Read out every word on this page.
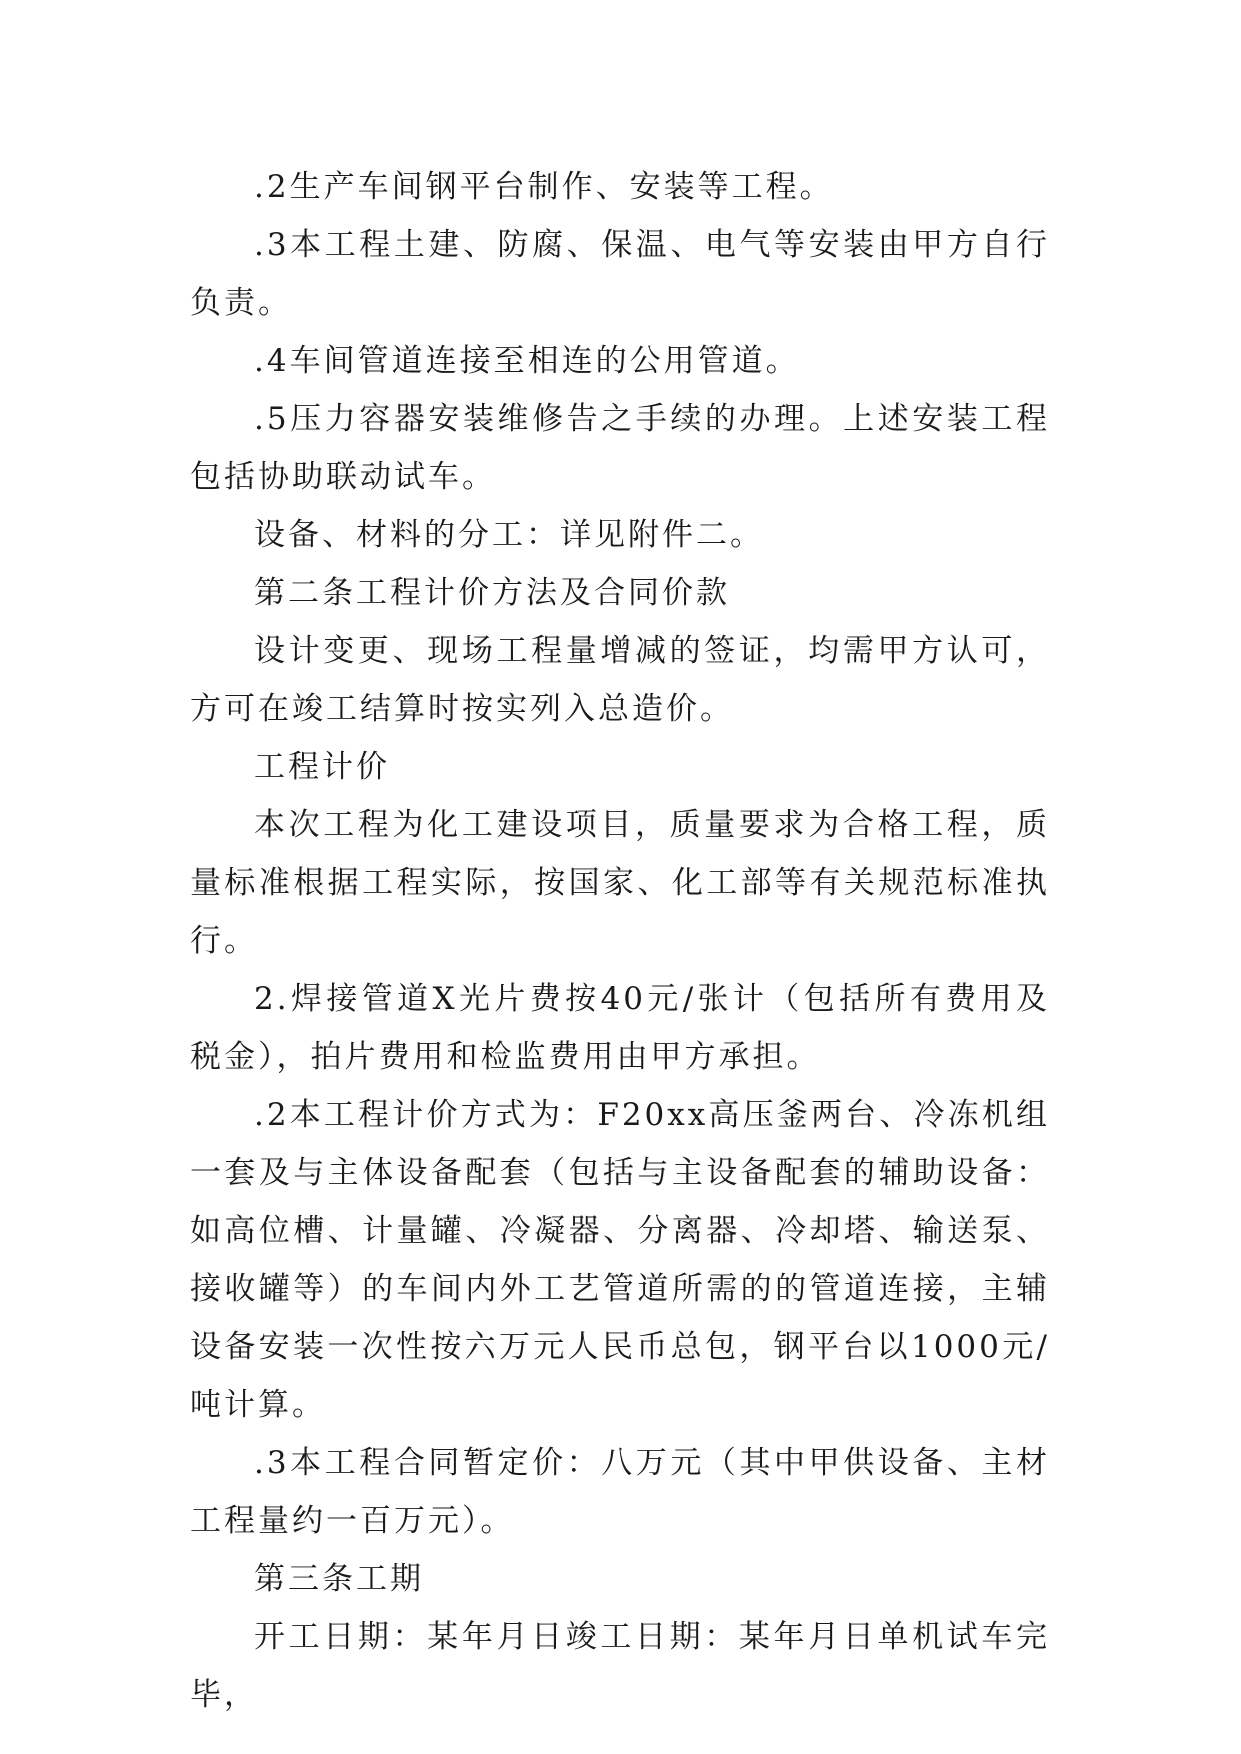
.2生产车间钢平台制作、安装等工程。

.3本工程土建、防腐、保温、电气等安装由甲方自行负责。

.4车间管道连接至相连的公用管道。

.5压力容器安装维修告之手续的办理。上述安装工程包括协助联动试车。

设备、材料的分工：详见附件二。

第二条工程计价方法及合同价款

设计变更、现场工程量增减的签证，均需甲方认可，方可在竣工结算时按实列入总造价。

工程计价

本次工程为化工建设项目，质量要求为合格工程，质量标准根据工程实际，按国家、化工部等有关规范标准执行。

2.焊接管道X光片费按40元/张计（包括所有费用及税金），拍片费用和检监费用由甲方承担。

.2本工程计价方式为：F20xx高压釜两台、冷冻机组一套及与主体设备配套（包括与主设备配套的辅助设备：如高位槽、计量罐、冷凝器、分离器、冷却塔、输送泵、接收罐等）的车间内外工艺管道所需的的管道连接，主辅设备安装一次性按六万元人民币总包，钢平台以1000元/吨计算。

.3本工程合同暂定价：八万元（其中甲供设备、主材工程量约一百万元）。

第三条工期

开工日期：某年月日竣工日期：某年月日单机试车完毕，
